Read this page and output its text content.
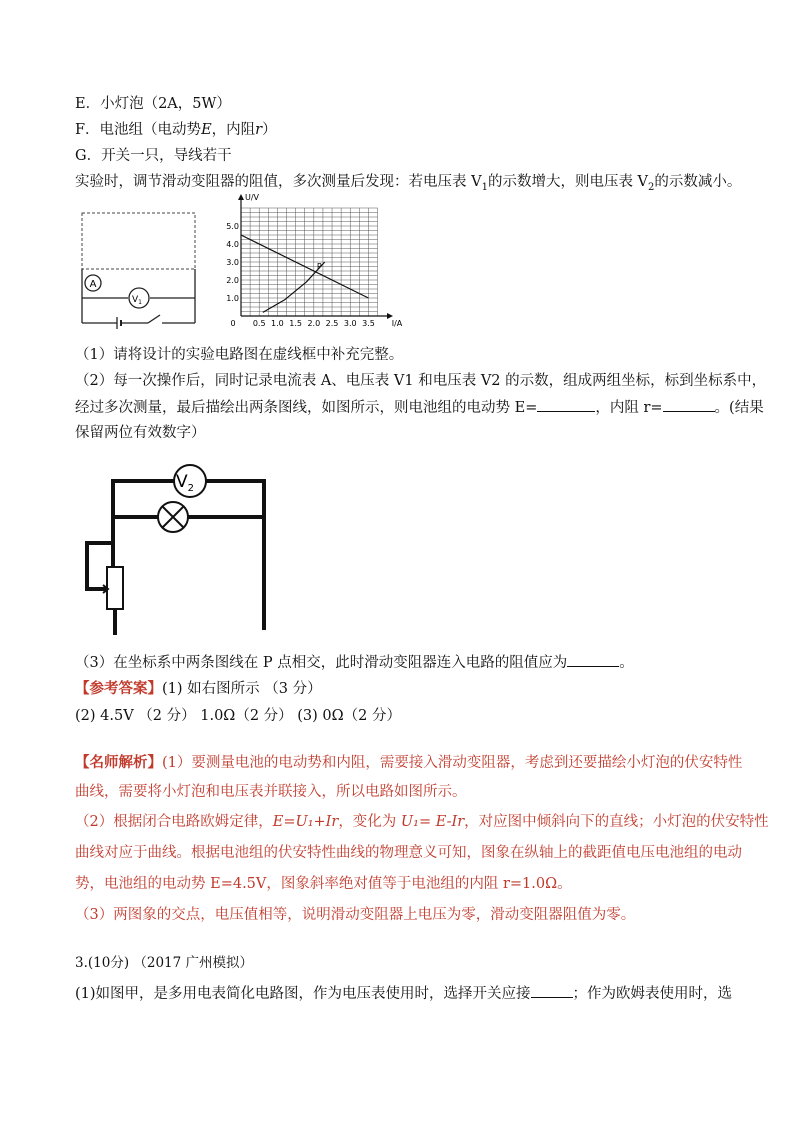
E．小灯泡（2A，5W）
F．电池组（电动势E，内阻r）
G．开关一只，导线若干
实验时，调节滑动变阻器的阻值，多次测量后发现：若电压表 $V_1$的示数增大，则电压表 $V_2$的示数减小。
A
$V_1$
U/V
I/A
0 0.5 1.0 1.5 2.0 2.5 3.0 3.5
1.0
2.0
3.0
4.0
5.0
P
（1）请将设计的实验电路图在虚线框中补充完整。
（2）每一次操作后，同时记录电流表 A、电压表 V1 和电压表 V2 的示数，组成两组坐标，标到坐标系中，
经过多次测量，最后描绘出两条图线，如图所示，则电池组的电动势 E=	，内阻 r=	。(结果
保留两位有效数字）
$V_2$
（3）在坐标系中两条图线在 P 点相交，此时滑动变阻器连入电路的阻值应为	。
【参考答案】(1) 如右图所示 （3 分）
(2) 4.5V （2 分） 1.0Ω（2 分） (3) 0Ω（2 分）
【名师解析】(1）要测量电池的电动势和内阻，需要接入滑动变阻器，考虑到还要描绘小灯泡的伏安特性
曲线，需要将小灯泡和电压表并联接入，所以电路如图所示。
（2）根据闭合电路欧姆定律，E=U₁+Ir，变化为 U₁= E-Ir，对应图中倾斜向下的直线；小灯泡的伏安特性
曲线对应于曲线。根据电池组的伏安特性曲线的物理意义可知，图象在纵轴上的截距值电压电池组的电动
势，电池组的电动势 E=4.5V，图象斜率绝对值等于电池组的内阻 r=1.0Ω。
（3）两图象的交点，电压值相等，说明滑动变阻器上电压为零，滑动变阻器阻值为零。
3.(10分) （2017 广州模拟）
(1)如图甲，是多用电表简化电路图，作为电压表使用时，选择开关应接	；作为欧姆表使用时，选
